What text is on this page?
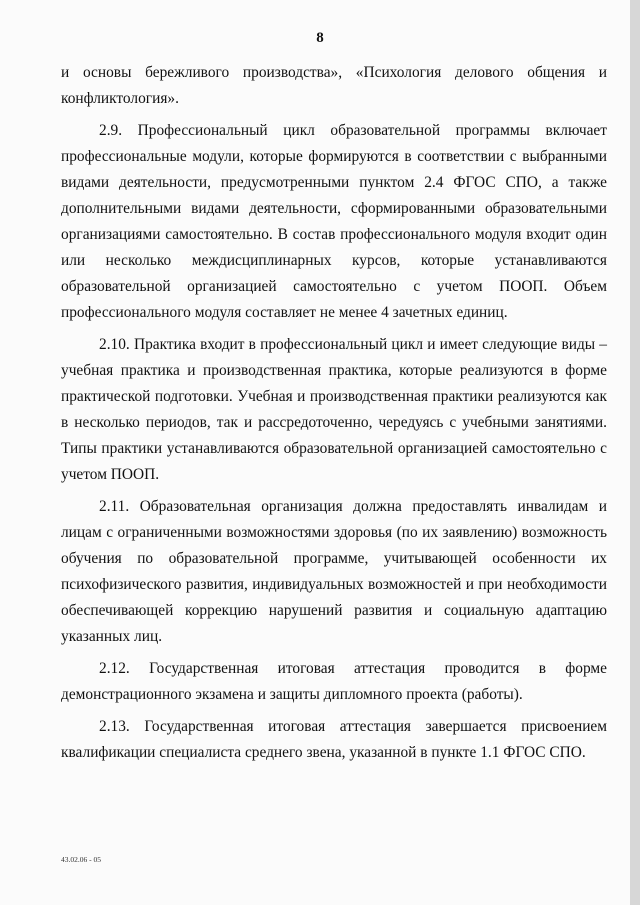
8

и основы бережливого производства», «Психология делового общения и конфликтология».

2.9. Профессиональный цикл образовательной программы включает профессиональные модули, которые формируются в соответствии с выбранными видами деятельности, предусмотренными пунктом 2.4 ФГОС СПО, а также дополнительными видами деятельности, сформированными образовательными организациями самостоятельно. В состав профессионального модуля входит один или несколько междисциплинарных курсов, которые устанавливаются образовательной организацией самостоятельно с учетом ПООП. Объем профессионального модуля составляет не менее 4 зачетных единиц.

2.10. Практика входит в профессиональный цикл и имеет следующие виды – учебная практика и производственная практика, которые реализуются в форме практической подготовки. Учебная и производственная практики реализуются как в несколько периодов, так и рассредоточенно, чередуясь с учебными занятиями. Типы практики устанавливаются образовательной организацией самостоятельно с учетом ПООП.

2.11. Образовательная организация должна предоставлять инвалидам и лицам с ограниченными возможностями здоровья (по их заявлению) возможность обучения по образовательной программе, учитывающей особенности их психофизического развития, индивидуальных возможностей и при необходимости обеспечивающей коррекцию нарушений развития и социальную адаптацию указанных лиц.

2.12. Государственная итоговая аттестация проводится в форме демонстрационного экзамена и защиты дипломного проекта (работы).

2.13. Государственная итоговая аттестация завершается присвоением квалификации специалиста среднего звена, указанной в пункте 1.1 ФГОС СПО.

43.02.06 - 05
